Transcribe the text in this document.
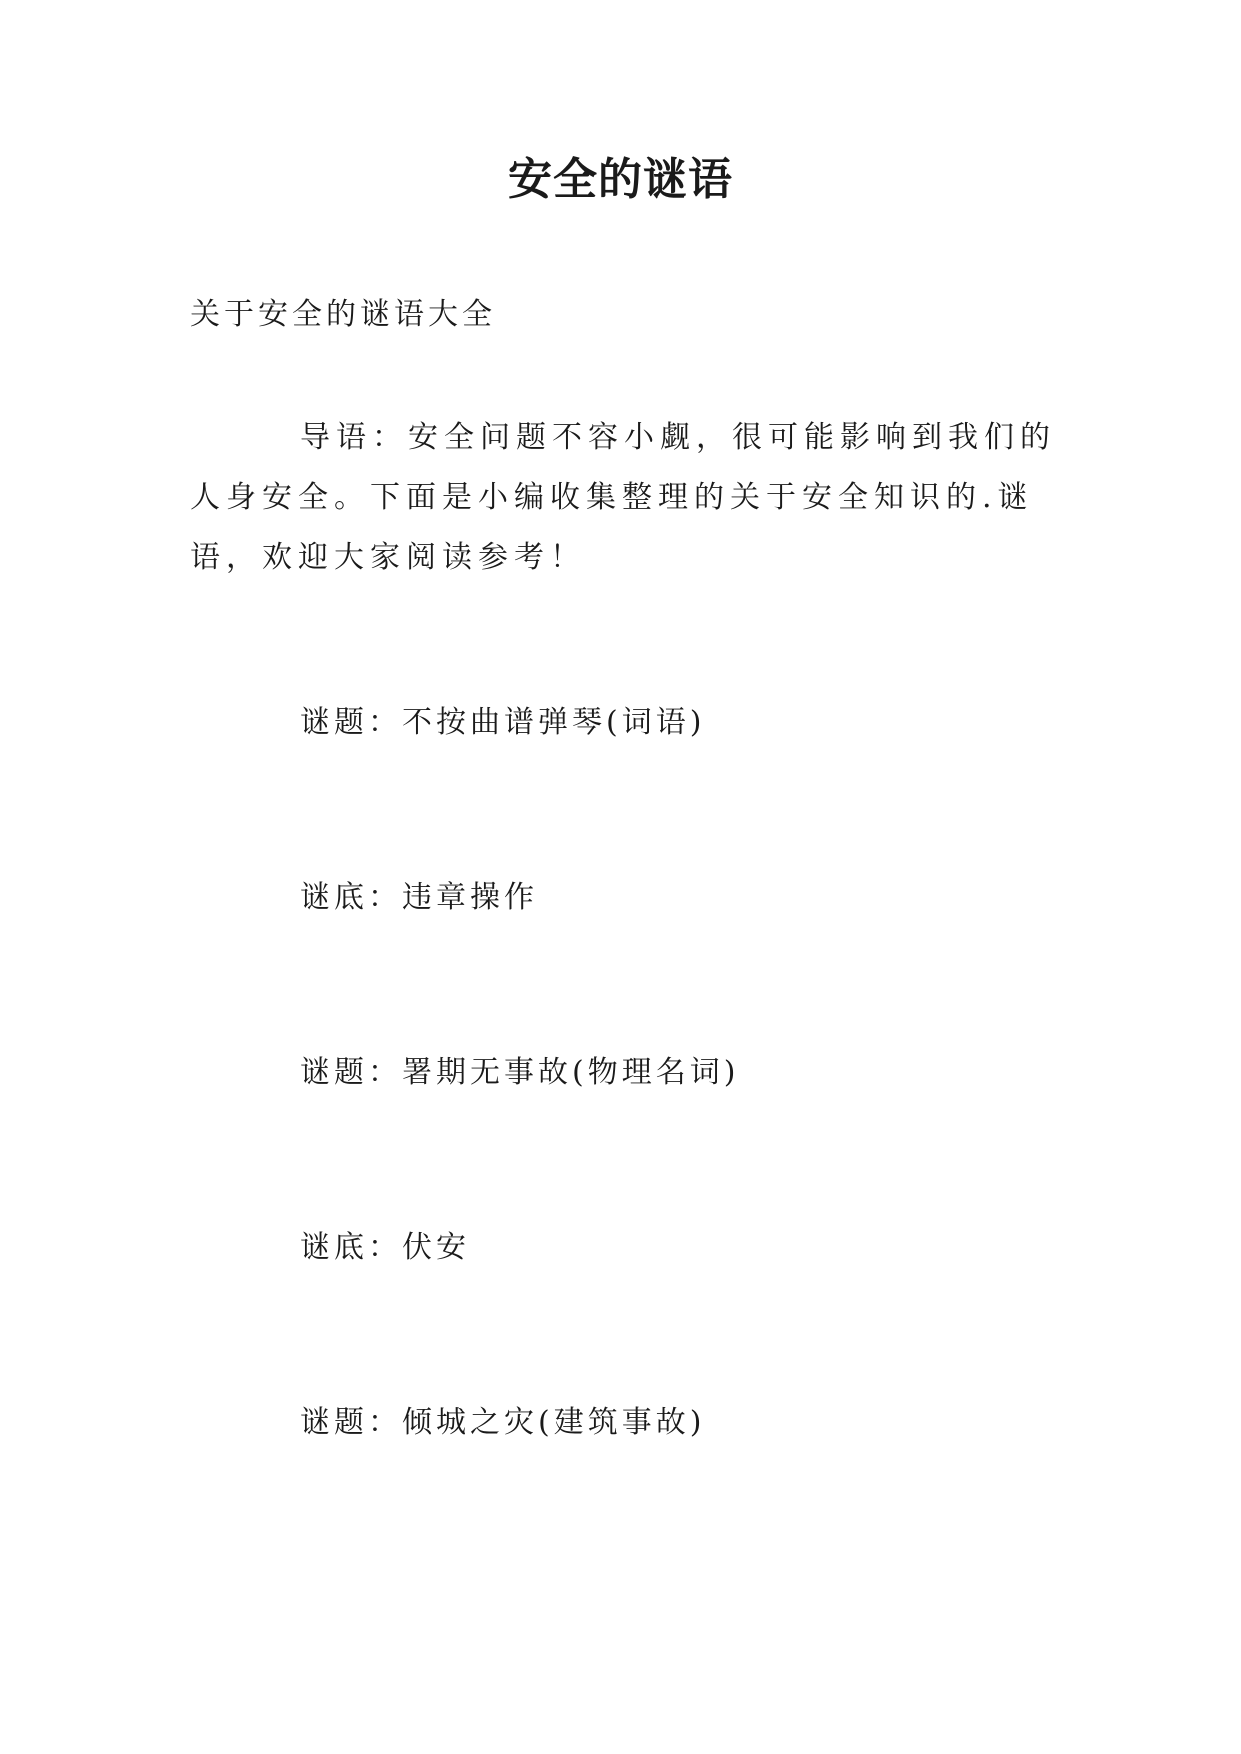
安全的谜语
关于安全的谜语大全
导语：安全问题不容小觑，很可能影响到我们的人身安全。下面是小编收集整理的关于安全知识的.谜语，欢迎大家阅读参考！
谜题：不按曲谱弹琴(词语)
谜底：违章操作
谜题：署期无事故(物理名词)
谜底：伏安
谜题：倾城之灾(建筑事故)
